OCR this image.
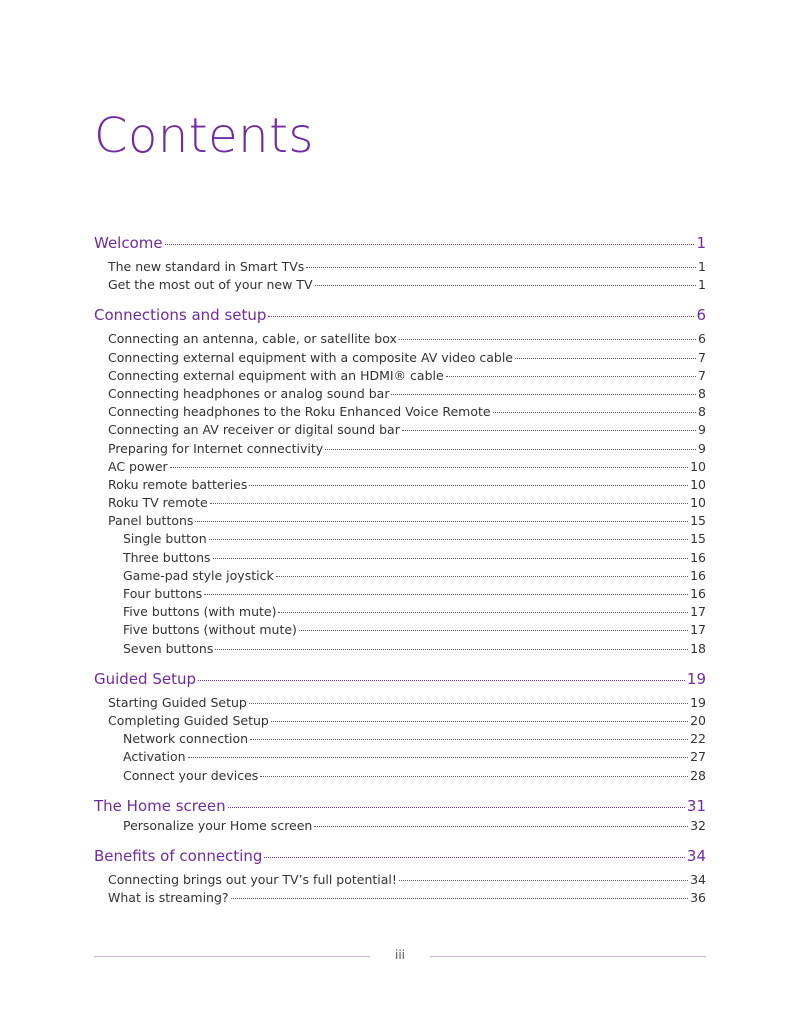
Contents
Welcome	1
The new standard in Smart TVs	1
Get the most out of your new TV	1
Connections and setup	6
Connecting an antenna, cable, or satellite box	6
Connecting external equipment with a composite AV video cable	7
Connecting external equipment with an HDMI® cable	7
Connecting headphones or analog sound bar	8
Connecting headphones to the Roku Enhanced Voice Remote	8
Connecting an AV receiver or digital sound bar	9
Preparing for Internet connectivity	9
AC power	10
Roku remote batteries	10
Roku TV remote	10
Panel buttons	15
Single button	15
Three buttons	16
Game-pad style joystick	16
Four buttons	16
Five buttons (with mute)	17
Five buttons (without mute)	17
Seven buttons	18
Guided Setup	19
Starting Guided Setup	19
Completing Guided Setup	20
Network connection	22
Activation	27
Connect your devices	28
The Home screen	31
Personalize your Home screen	32
Benefits of connecting	34
Connecting brings out your TV’s full potential!	34
What is streaming?	36
iii
